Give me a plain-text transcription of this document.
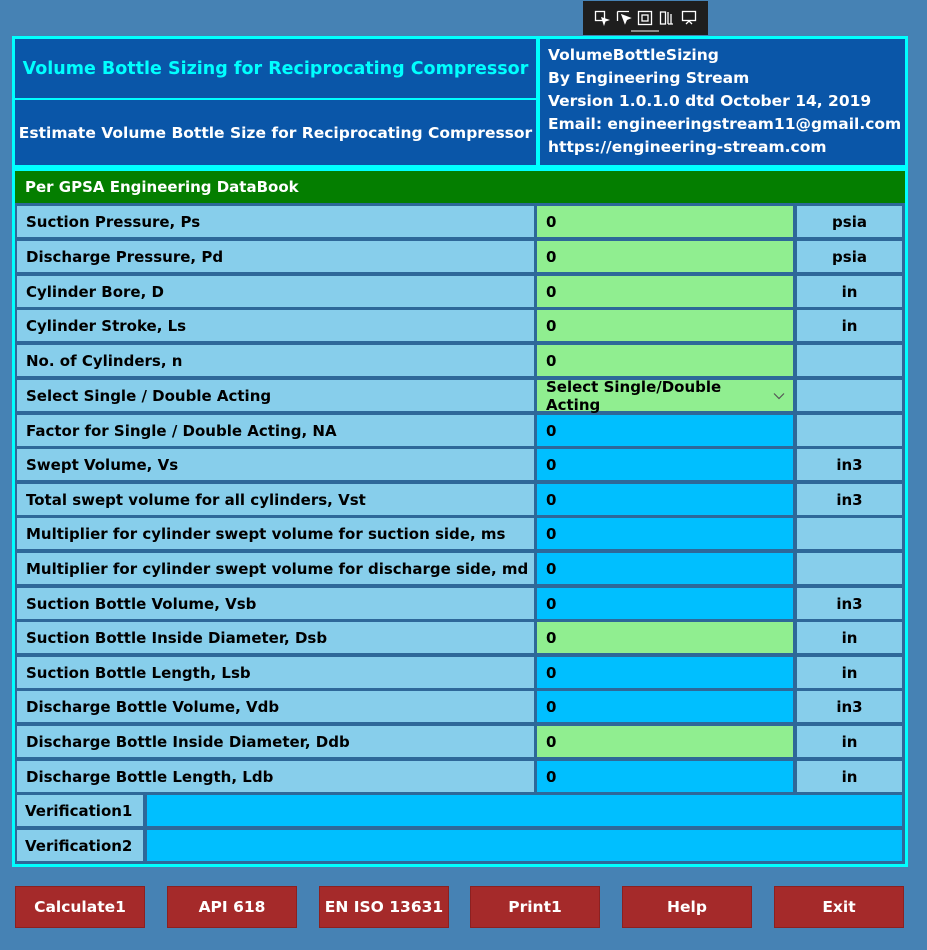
Volume Bottle Sizing for Reciprocating Compressor
Estimate Volume Bottle Size for Reciprocating Compressor
VolumeBottleSizing
By Engineering Stream
Version 1.0.1.0 dtd October 14, 2019
Email: engineeringstream11@gmail.com
https://engineering-stream.com
Per GPSA Engineering DataBook
Suction Pressure, Ps	0	psia
Discharge Pressure, Pd	0	psia
Cylinder Bore, D	0	in
Cylinder Stroke, Ls	0	in
No. of Cylinders, n	0
Select Single / Double Acting	Select Single/Double Acting
Factor for Single / Double Acting, NA	0
Swept Volume, Vs	0	in3
Total swept volume for all cylinders, Vst	0	in3
Multiplier for cylinder swept volume for suction side, ms	0
Multiplier for cylinder swept volume for discharge side, md	0
Suction Bottle Volume, Vsb	0	in3
Suction Bottle Inside Diameter, Dsb	0	in
Suction Bottle Length, Lsb	0	in
Discharge Bottle Volume, Vdb	0	in3
Discharge Bottle Inside Diameter, Ddb	0	in
Discharge Bottle Length, Ldb	0	in
Verification1
Verification2
Calculate1	API 618	EN ISO 13631	Print1	Help	Exit
